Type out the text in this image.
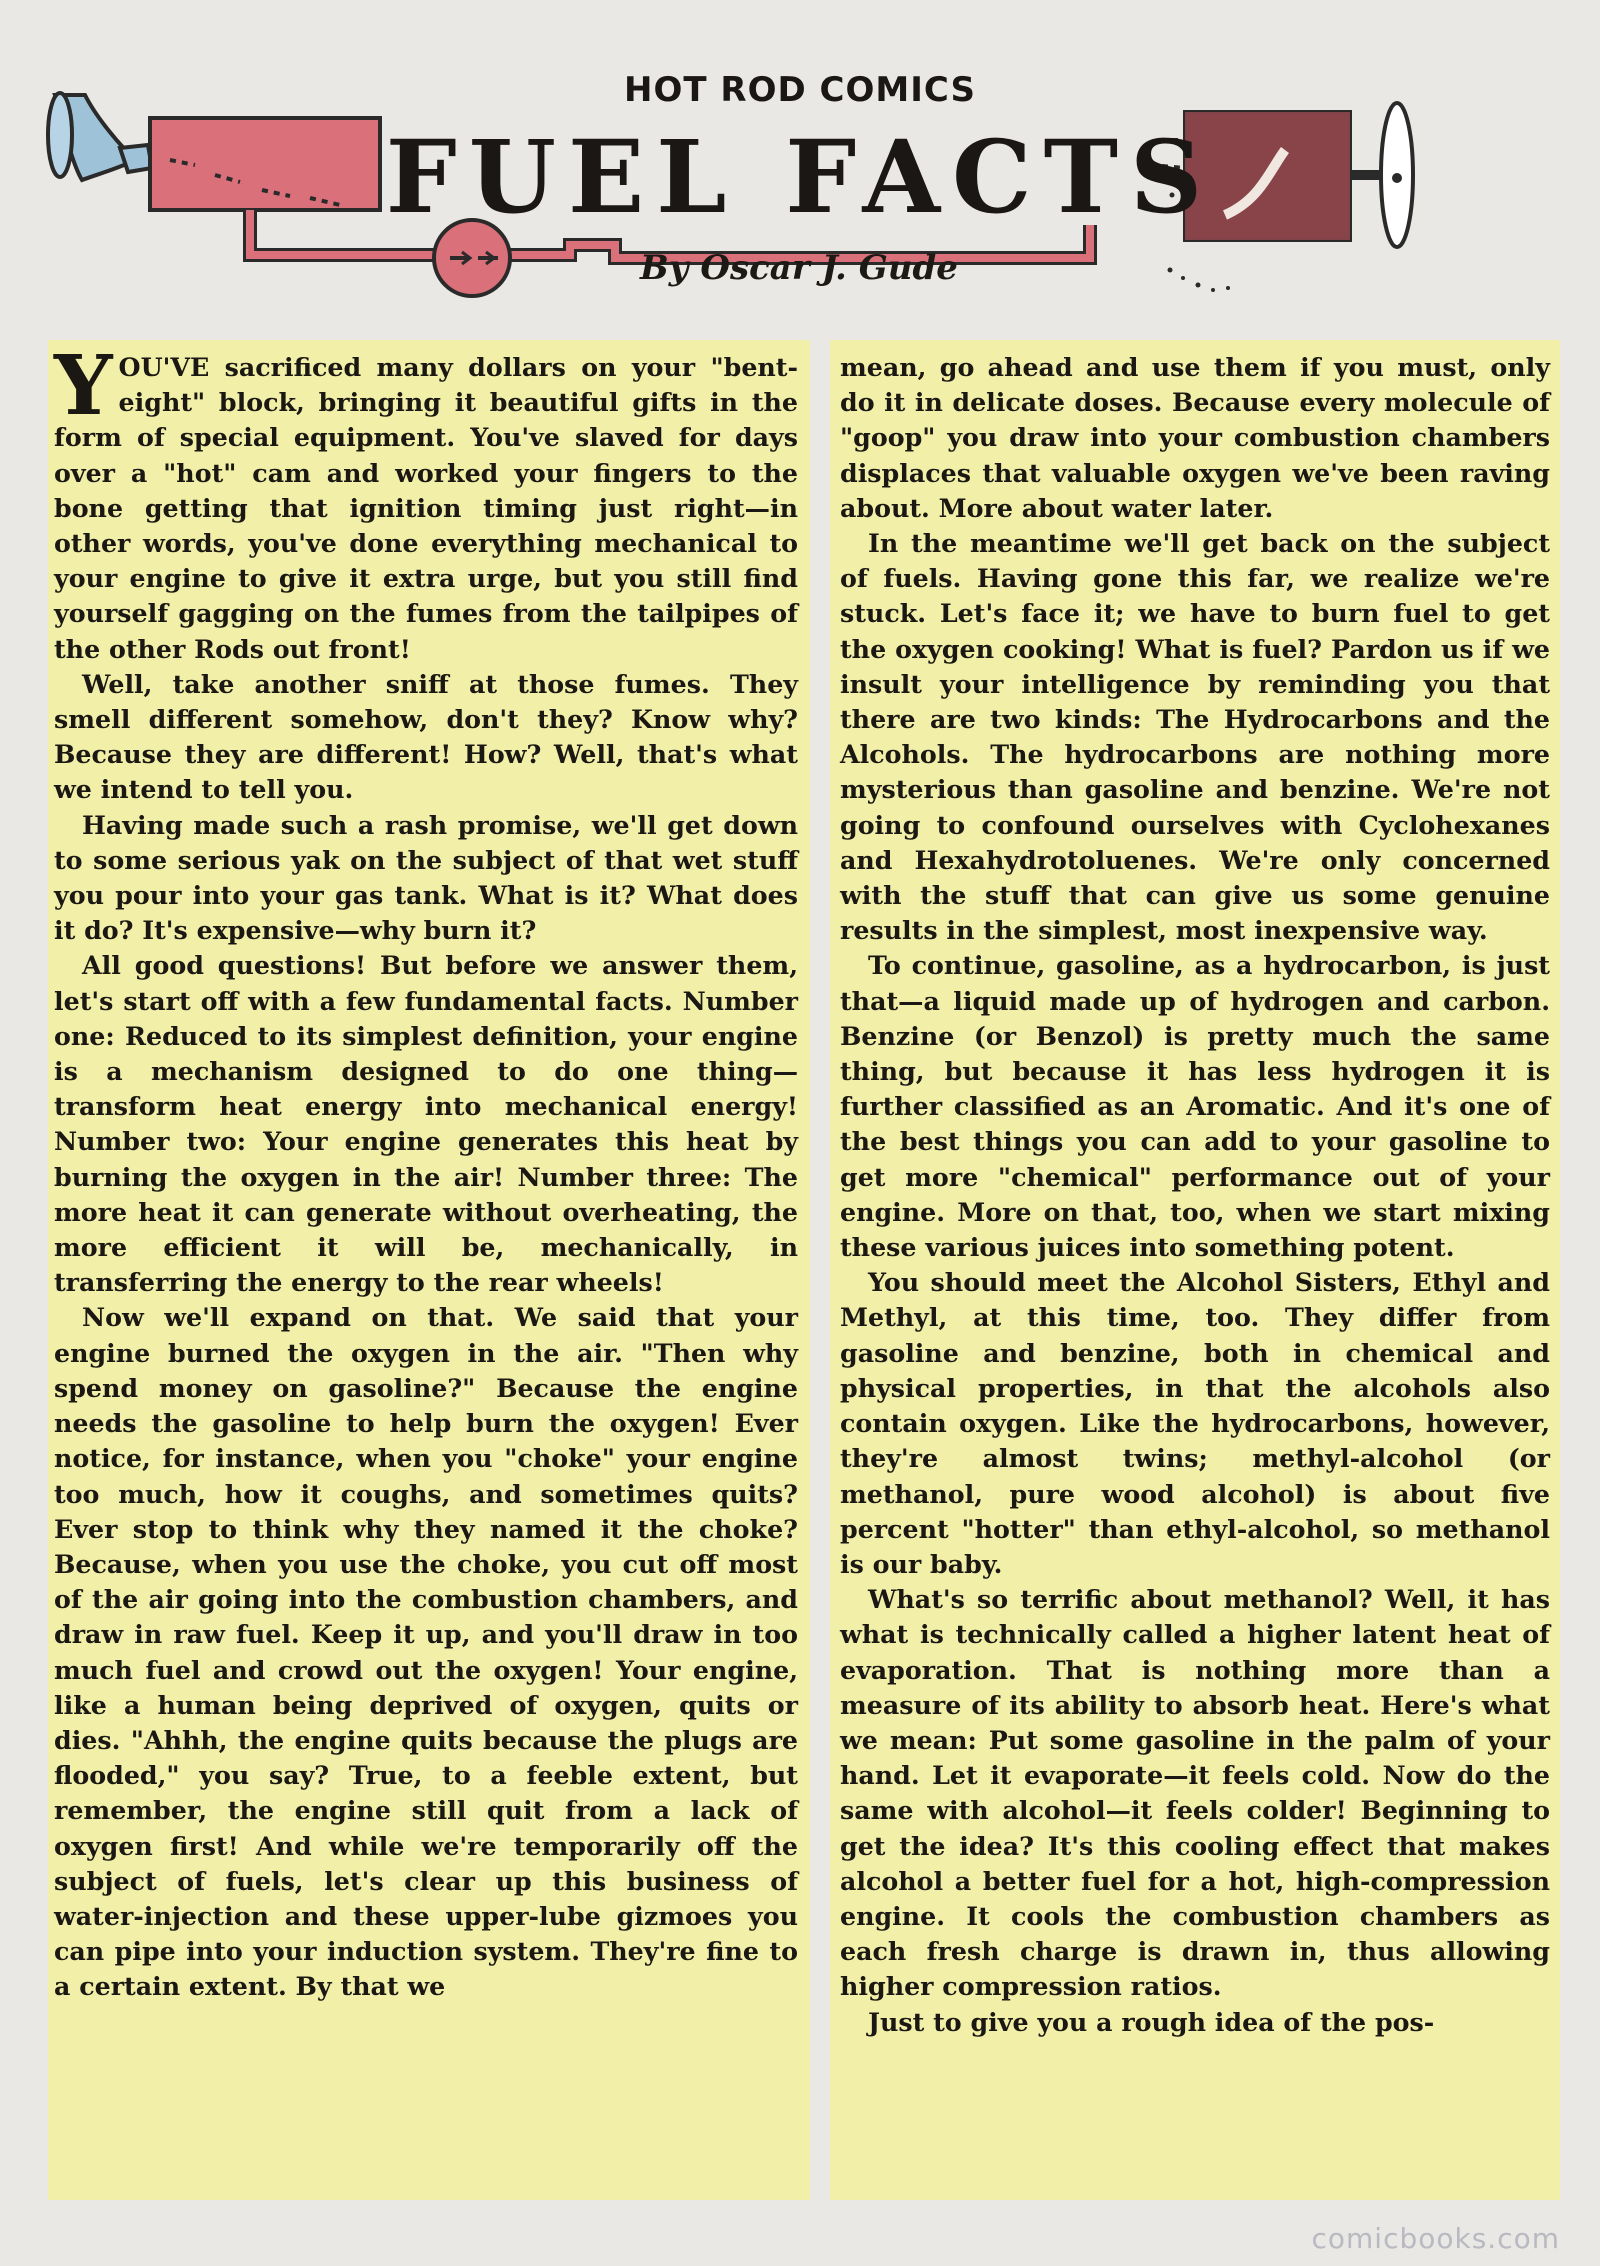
HOT ROD COMICS
FUEL FACTS
By Oscar J. Gude

YOU'VE sacrificed many dollars on your "bent-eight" block, bringing it beautiful gifts in the form of special equipment. You've slaved for days over a "hot" cam and worked your fingers to the bone getting that ignition timing just right—in other words, you've done everything mechanical to your engine to give it extra urge, but you still find yourself gagging on the fumes from the tailpipes of the other Rods out front!

Well, take another sniff at those fumes. They smell different somehow, don't they? Know why? Because they are different! How? Well, that's what we intend to tell you.

Having made such a rash promise, we'll get down to some serious yak on the subject of that wet stuff you pour into your gas tank. What is it? What does it do? It's expensive—why burn it?

All good questions! But before we answer them, let's start off with a few fundamental facts. Number one: Reduced to its simplest definition, your engine is a mechanism designed to do one thing—transform heat energy into mechanical energy! Number two: Your engine generates this heat by burning the oxygen in the air! Number three: The more heat it can generate without overheating, the more efficient it will be, mechanically, in transferring the energy to the rear wheels!

Now we'll expand on that. We said that your engine burned the oxygen in the air. "Then why spend money on gasoline?" Because the engine needs the gasoline to help burn the oxygen! Ever notice, for instance, when you "choke" your engine too much, how it coughs, and sometimes quits? Ever stop to think why they named it the choke? Because, when you use the choke, you cut off most of the air going into the combustion chambers, and draw in raw fuel. Keep it up, and you'll draw in too much fuel and crowd out the oxygen! Your engine, like a human being deprived of oxygen, quits or dies. "Ahhh, the engine quits because the plugs are flooded," you say? True, to a feeble extent, but remember, the engine still quit from a lack of oxygen first! And while we're temporarily off the subject of fuels, let's clear up this business of water-injection and these upper-lube gizmoes you can pipe into your induction system. They're fine to a certain extent. By that we

mean, go ahead and use them if you must, only do it in delicate doses. Because every molecule of "goop" you draw into your combustion chambers displaces that valuable oxygen we've been raving about. More about water later.

In the meantime we'll get back on the subject of fuels. Having gone this far, we realize we're stuck. Let's face it; we have to burn fuel to get the oxygen cooking! What is fuel? Pardon us if we insult your intelligence by reminding you that there are two kinds: The Hydrocarbons and the Alcohols. The hydrocarbons are nothing more mysterious than gasoline and benzine. We're not going to confound ourselves with Cyclohexanes and Hexahydrotoluenes. We're only concerned with the stuff that can give us some genuine results in the simplest, most inexpensive way.

To continue, gasoline, as a hydrocarbon, is just that—a liquid made up of hydrogen and carbon. Benzine (or Benzol) is pretty much the same thing, but because it has less hydrogen it is further classified as an Aromatic. And it's one of the best things you can add to your gasoline to get more "chemical" performance out of your engine. More on that, too, when we start mixing these various juices into something potent.

You should meet the Alcohol Sisters, Ethyl and Methyl, at this time, too. They differ from gasoline and benzine, both in chemical and physical properties, in that the alcohols also contain oxygen. Like the hydrocarbons, however, they're almost twins; methyl-alcohol (or methanol, pure wood alcohol) is about five percent "hotter" than ethyl-alcohol, so methanol is our baby.

What's so terrific about methanol? Well, it has what is technically called a higher latent heat of evaporation. That is nothing more than a measure of its ability to absorb heat. Here's what we mean: Put some gasoline in the palm of your hand. Let it evaporate—it feels cold. Now do the same with alcohol—it feels colder! Beginning to get the idea? It's this cooling effect that makes alcohol a better fuel for a hot, high-compression engine. It cools the combustion chambers as each fresh charge is drawn in, thus allowing higher compression ratios.

Just to give you a rough idea of the pos-

comicbooks.com
